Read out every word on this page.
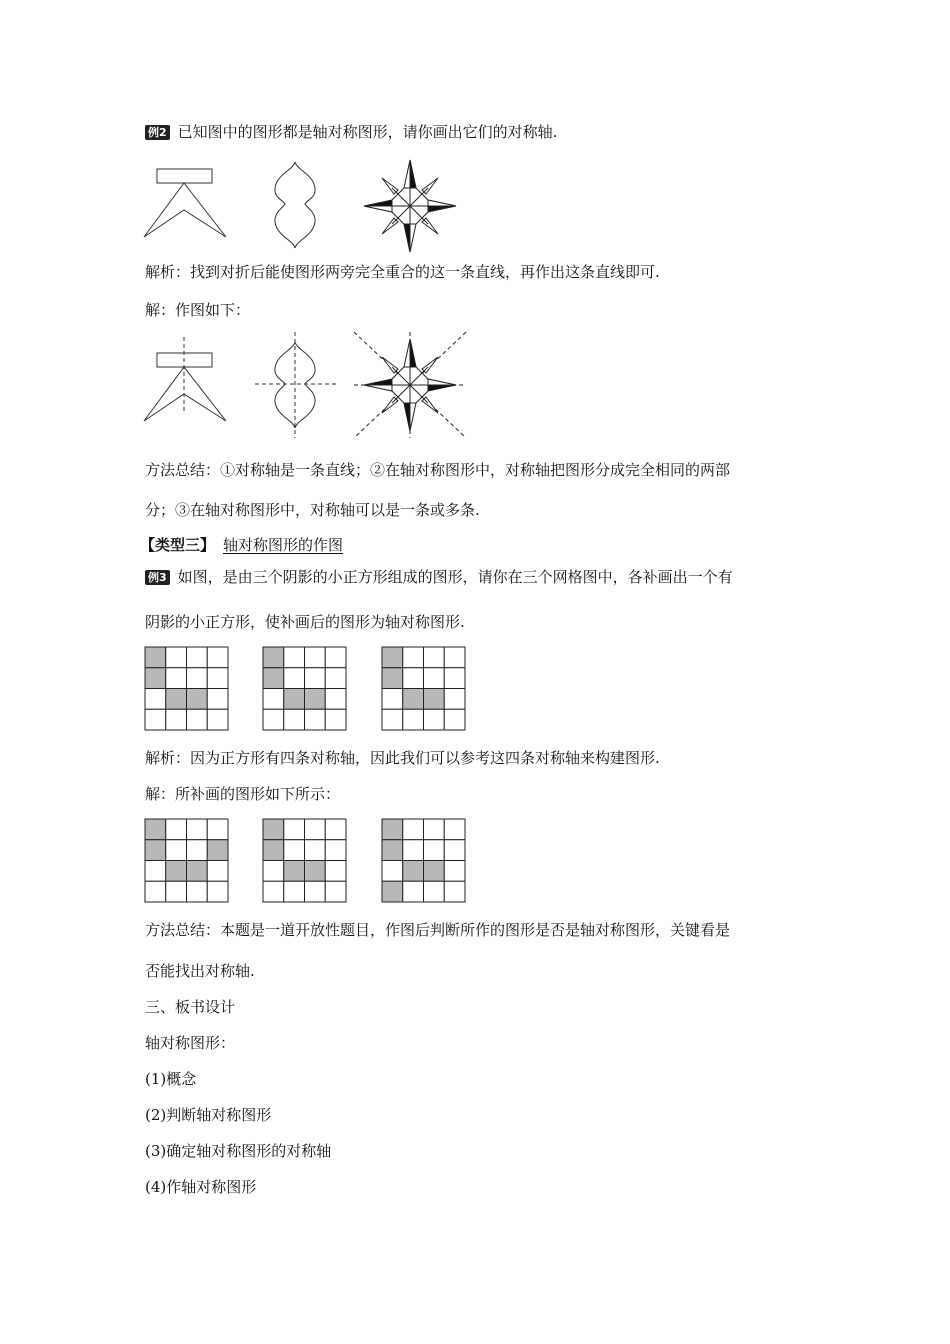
例2 已知图中的图形都是轴对称图形，请你画出它们的对称轴.
解析：找到对折后能使图形两旁完全重合的这一条直线，再作出这条直线即可.
解：作图如下：
方法总结：①对称轴是一条直线；②在轴对称图形中，对称轴把图形分成完全相同的两部
分；③在轴对称图形中，对称轴可以是一条或多条.
【类型三】 轴对称图形的作图
例3 如图，是由三个阴影的小正方形组成的图形，请你在三个网格图中，各补画出一个有
阴影的小正方形，使补画后的图形为轴对称图形.
解析：因为正方形有四条对称轴，因此我们可以参考这四条对称轴来构建图形.
解：所补画的图形如下所示：
方法总结：本题是一道开放性题目，作图后判断所作的图形是否是轴对称图形，关键看是
否能找出对称轴.
三、板书设计
轴对称图形：
(1)概念
(2)判断轴对称图形
(3)确定轴对称图形的对称轴
(4)作轴对称图形
